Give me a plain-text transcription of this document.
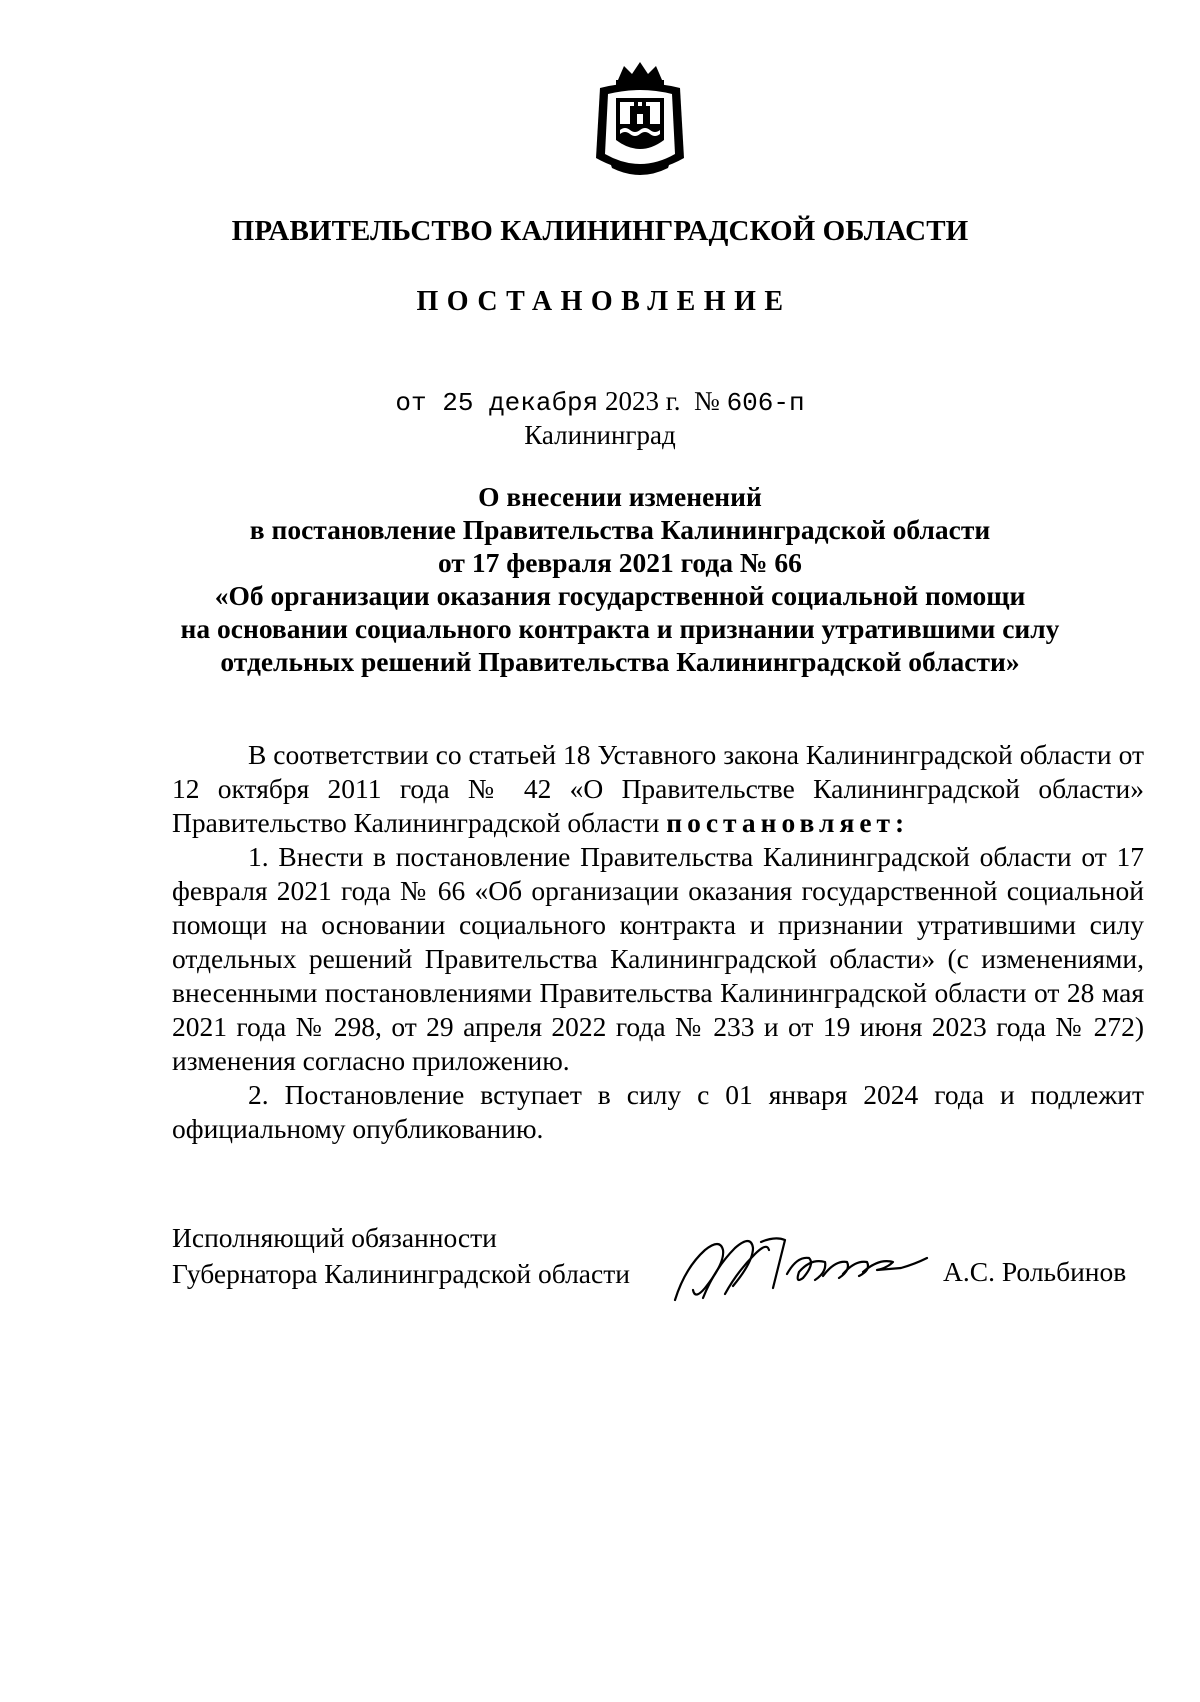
ПРАВИТЕЛЬСТВО КАЛИНИНГРАДСКОЙ ОБЛАСТИ
ПОСТАНОВЛЕНИЕ
от 25 декабря 2023 г. № 606-п
Калининград
О внесении изменений
в постановление Правительства Калининградской области
от 17 февраля 2021 года № 66
«Об организации оказания государственной социальной помощи
на основании социального контракта и признании утратившими силу
отдельных решений Правительства Калининградской области»

В соответствии со статьей 18 Уставного закона Калининградской области от 12 октября 2011 года № 42 «О Правительстве Калининградской области» Правительство Калининградской области постановляет:

1. Внести в постановление Правительства Калининградской области от 17 февраля 2021 года № 66 «Об организации оказания государственной социальной помощи на основании социального контракта и признании утратившими силу отдельных решений Правительства Калининградской области» (с изменениями, внесенными постановлениями Правительства Калининградской области от 28 мая 2021 года № 298, от 29 апреля 2022 года № 233 и от 19 июня 2023 года № 272) изменения согласно приложению.

2. Постановление вступает в силу с 01 января 2024 года и подлежит официальному опубликованию.

Исполняющий обязанности
Губернатора Калининградской области	А.С. Рольбинов
